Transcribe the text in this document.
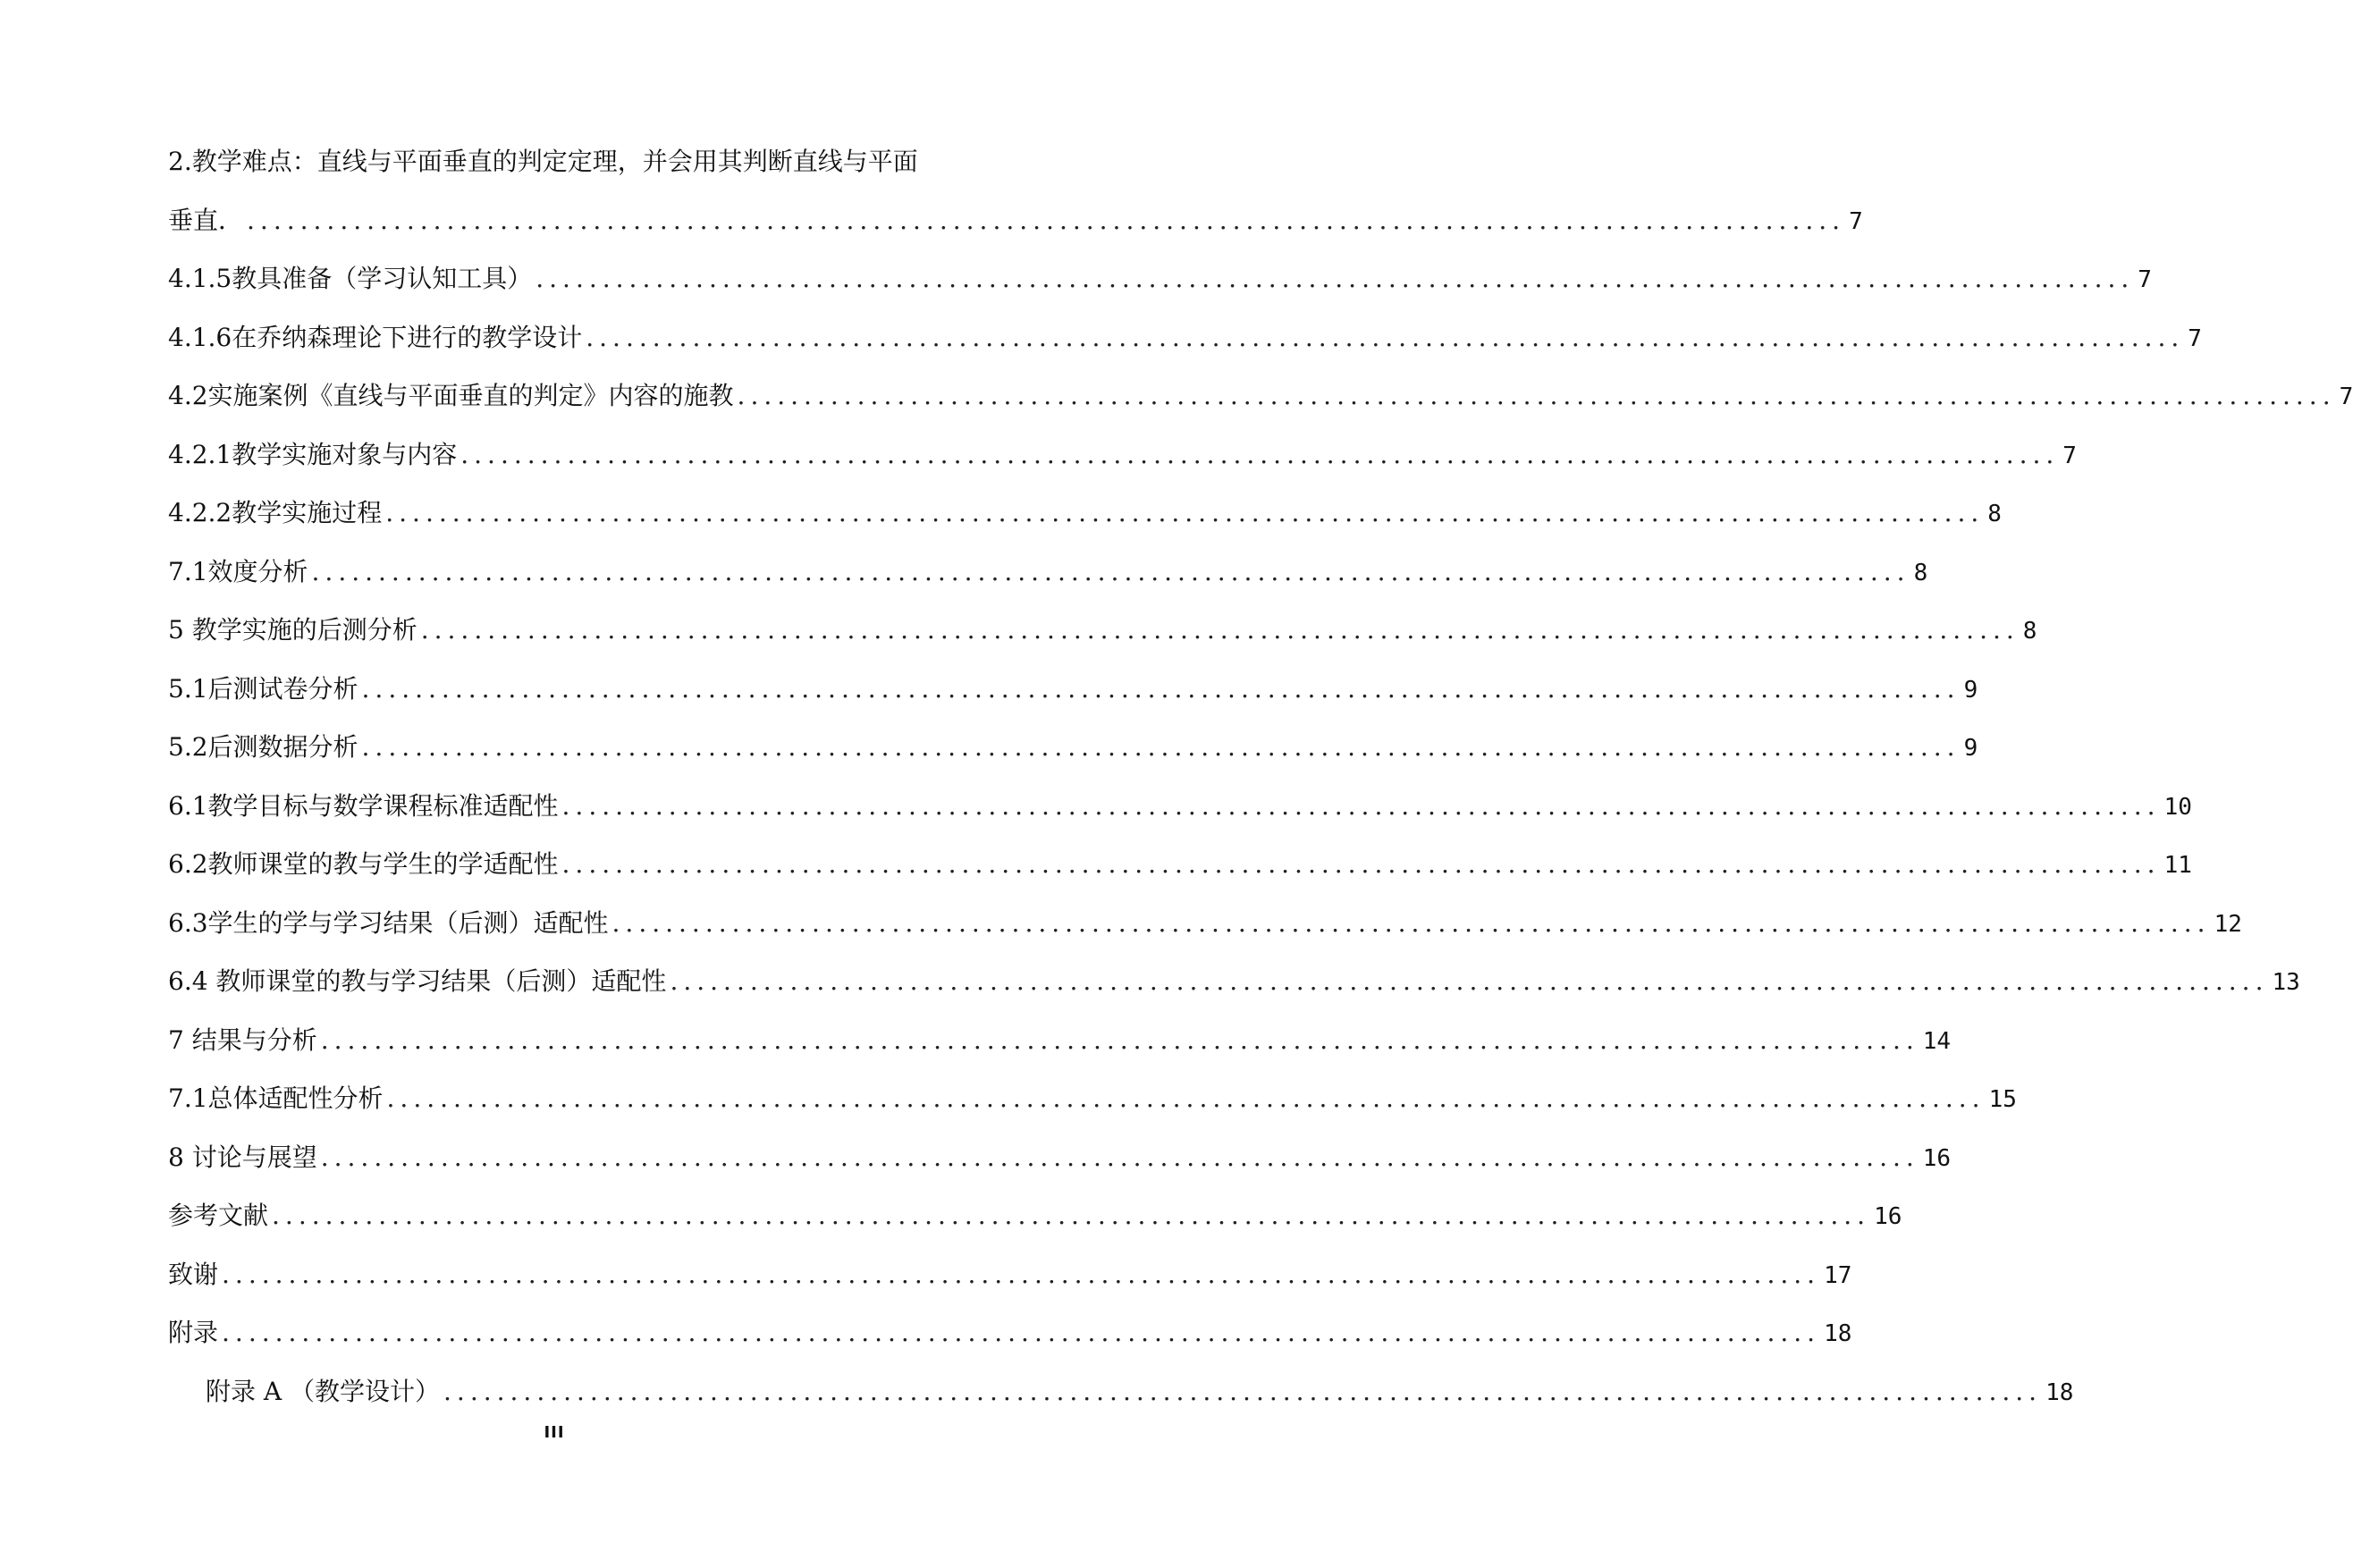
2.教学难点：直线与平面垂直的判定定理，并会用其判断直线与平面
垂直． ........................................................................................................................ 7
4.1.5教具准备（学习认知工具） ........................................................................................................................ 7
4.1.6在乔纳森理论下进行的教学设计 ........................................................................................................................ 7
4.2实施案例《直线与平面垂直的判定》内容的施教 ........................................................................................................................ 7
4.2.1教学实施对象与内容 ........................................................................................................................ 7
4.2.2教学实施过程 ........................................................................................................................ 8
7.1效度分析 ........................................................................................................................ 8
5 教学实施的后测分析 ........................................................................................................................ 8
5.1后测试卷分析 ........................................................................................................................ 9
5.2后测数据分析 ........................................................................................................................ 9
6.1教学目标与数学课程标准适配性 ........................................................................................................................ 10
6.2教师课堂的教与学生的学适配性 ........................................................................................................................ 11
6.3学生的学与学习结果（后测）适配性 ........................................................................................................................ 12
6.4 教师课堂的教与学习结果（后测）适配性 ........................................................................................................................ 13
7 结果与分析 ........................................................................................................................ 14
7.1总体适配性分析 ........................................................................................................................ 15
8 讨论与展望 ........................................................................................................................ 16
参考文献 ........................................................................................................................ 16
致谢 ........................................................................................................................ 17
附录 ........................................................................................................................ 18
附录 A （教学设计） ........................................................................................................................ 18
III
